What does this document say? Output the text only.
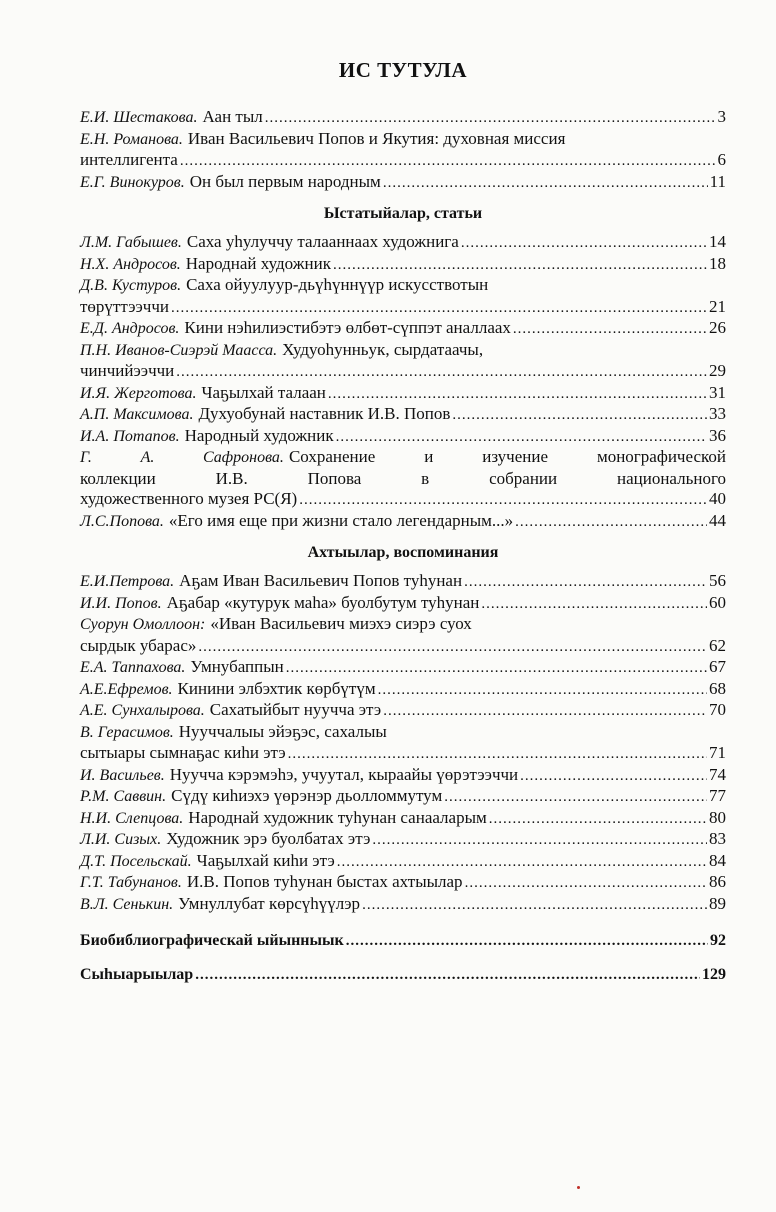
ИС ТУТУЛА
Е.И. Шестакова. Аан тыл .....	3
Е.Н. Романова. Иван Васильевич Попов и Якутия: духовная миссия
интеллигента .....	6
Е.Г. Винокуров. Он был первым народным .....	11
Ыстатыйалар, статьи
Л.М. Габышев. Саха уһулуччу талааннаах художнига .....	14
Н.Х. Андросов. Народнай художник .....	18
Д.В. Кустуров. Саха ойуулуур-дьүһүннүүр искусствотын
төрүттээччи .....	21
Е.Д. Андросов. Кини нэһилиэстибэтэ өлбөт-сүппэт аналлаах .....	26
П.Н. Иванов-Сиэрэй Маасса. Худуоһунньук, сырдатаачы,
чинчийээччи .....	29
И.Я. Жерготова. Чаҕылхай талаан .....	31
А.П. Максимова. Духуобунай наставник И.В. Попов .....	33
И.А. Потапов. Народный художник .....	36
Г. А. Сафронова. Сохранение и изучение монографической
коллекции И.В. Попова в собрании национального
художественного музея РС(Я) .....	40
Л.С.Попова. «Его имя еще при жизни стало легендарным...» .....	44
Ахтыылар, воспоминания
Е.И.Петрова. Аҕам Иван Васильевич Попов туһунан .....	56
И.И. Попов. Аҕабар «кутурук маһа» буолбутум туһунан .....	60
Суорун Омоллоон: «Иван Васильевич миэхэ сиэрэ суох
сырдык убарас» .....	62
Е.А. Таппахова. Умнубаппын .....	67
А.Е.Ефремов. Кинини элбэхтик көрбүтүм .....	68
А.Е. Сунхалырова. Сахатыйбыт нуучча этэ .....	70
В. Герасимов. Нууччалыы эйэҕэс, сахалыы
сытыары сымнаҕас киһи этэ .....	71
И. Васильев. Нуучча кэрэмэһэ, учуутал, кыраайы үөрэтээччи .....	74
Р.М. Саввин. Сүдү киһиэхэ үөрэнэр дьолломмутум .....	77
Н.И. Слепцова. Народнай художник туһунан санааларым .....	80
Л.И. Сизых. Художник эрэ буолбатах этэ .....	83
Д.Т. Посельскай. Чаҕылхай киһи этэ .....	84
Г.Т. Табунанов. И.В. Попов туһунан быстах ахтыылар .....	86
В.Л. Сенькин. Умнуллубат көрсүһүүлэр .....	89
Биобиблиографическай ыйынныык .....	92
Сыһыарыылар .....	129
